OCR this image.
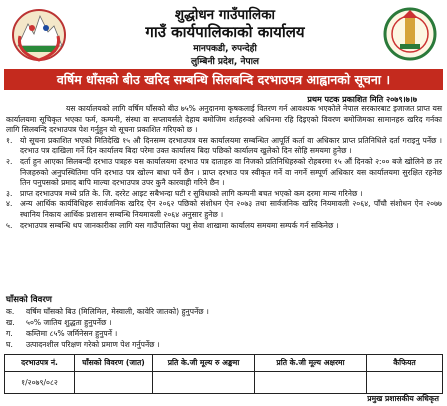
शुद्धोधन गाउँपालिका
गाउँ कार्यपालिकाको कार्यालय
मानपकडी, रुपन्देही
लुम्बिनी प्रदेश, नेपाल
वर्षिम धाँसको बीउ खरिद सम्बन्धि सिलबन्दि दरभाउपत्र आह्वानको सूचना ।
प्रथम पटक प्रकाशित मिति २०७९।७।७

यस कार्यालयको लागि वर्षिम घाँसको बीउ ७५% अनुदानमा कृषकलाई वितरण गर्न आवश्यक भएकोले नेपाल सरकारबाट इजाजत प्राप्त यस कार्यालयमा सूचिकृत भएका फर्म, कम्पनी, संस्था वा सप्लायर्सले देहाय बमोजिम शर्तहरुको अधिनमा रहि दिइएको विवरण बमोजिमका सामानहरु खरिद गर्नका लागि सिलबन्दि दरभाउपत्र पेश गर्नुहुन यो सूचना प्रकाशित गरिएको छ ।

१.	यो सूचना प्रकाशित भएको मितिदेखि १५ औ दिनसम्म दरभाउपत्र यस कार्यालयमा सम्बन्धित आपूर्ति कर्ता वा अधिकार प्राप्त प्रतिनिधिले दर्ता गराइनु पर्नेछ । दरभाउ पत्र दाखिला गर्ने दिन कार्यालय बिदा परेमा उक्त कार्यालय बिदा पछिको कार्यालय खुलेको दिन सोहि समयमा हुनेछ ।
२.	दर्ता हुन आएका सिलबन्दी दरभाउ पत्रहरु यस कार्यालयमा दरभाउ पत्र दाताहरु वा निजको प्रतिनिधिहरुको रोहबरमा १५ औं दिनको २:०० बजे खोलिने छ तर निजहरुको अनुपस्थितिमा पनि दरभाउ पत्र खोल्न बाधा पर्ने छैन । प्राप्त दरभाउ पत्र स्वीकृत गर्ने वा नगर्ने सम्पूर्ण अधिकार यस कार्यालयमा सुरक्षित रहनेछ तिन पनुपसको प्रमाद बापि माल्या दरभाउपत्र उपर कुनै कारवाही गरिने छैन ।
३.	प्राप्त दरभाउपत्र मध्ये प्रति के. जि. दररेट आइट सबैभन्दा घटी र सुविधाको लागि कम्पनी बचत भएको कम दरमा मान्य गरिनेछ ।
४.	अन्य आर्थिक कार्यविधिहरु सार्वजनिक खरिद ऐन २०६२ पछिको संशोधन ऐन २०७३ तथा सार्वजनिक खरिद नियमावली २०६४, पाँचौ संशोधन ऐन २०७७ स्थानिय निकाय आर्थिक प्रशासन सम्बन्धि नियमावली २०६४ अनुसार हुनेछ ।
५.	दरभाउपत्र सम्बन्धि थप जानकारीका लागि यस गाउँपालिका पशु सेवा शाखामा कार्यालय समयमा सम्पर्क गर्न सकिनेछ ।
घाँसको विवरण
क.	वर्षिम घाँसको बिउ (मिलिमिल, मेस्वाली, कावेरि जातको) हुनुपर्नेछ ।
ख.	५०% जातिय शुद्धता हुनुपर्नेछ ।
ग.	कम्तिमा ८५% जर्मिनेसन हुनुपर्ने ।
घ.	उत्पादनशील परिक्षण गरेको प्रमाण पेश गर्नुपर्नेछ ।
दरभाउपत्र नं.	घाँसको विवरण (जात)	प्रति के.जी मूल्य रु अङ्कमा	प्रति के.जी मूल्य अक्षरमा	कैफियत
१/२०७९/०८२				
प्रमुख प्रशासकीय अधिकृत
